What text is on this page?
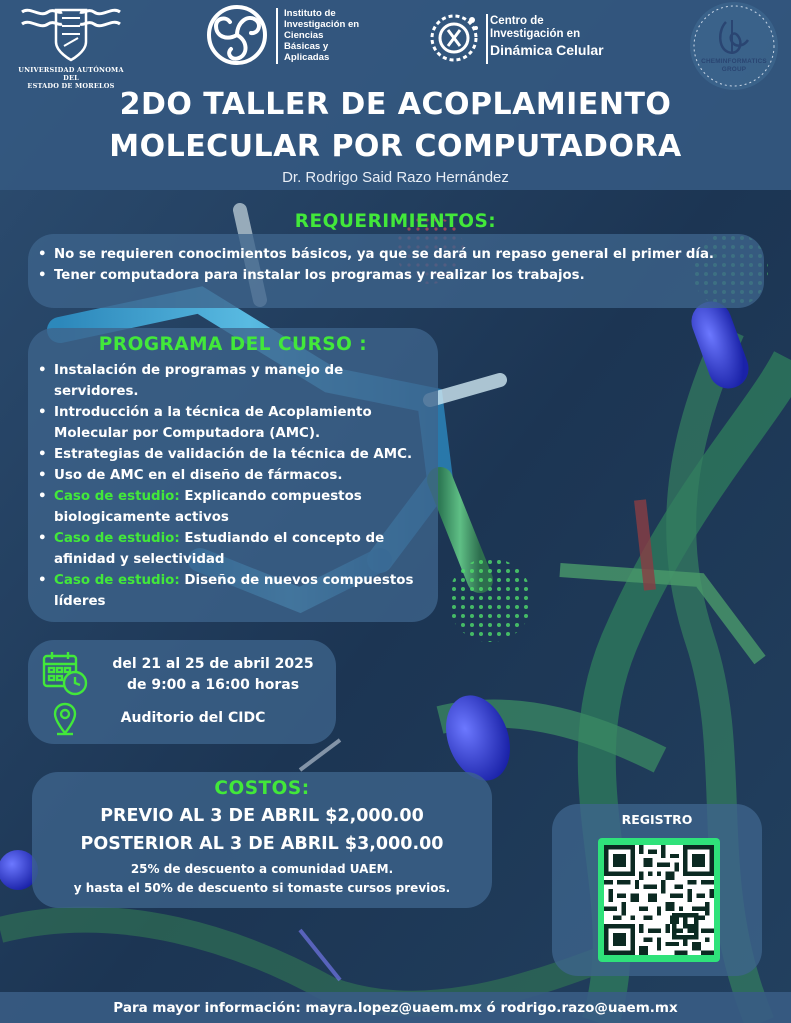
UNIVERSIDAD AUTÓNOMA DEL
ESTADO DE MORELOS
Instituto de
Investigación en
Ciencias
Básicas y
Aplicadas
Centro de
Investigación en
Dinámica Celular
CHEMINFORMATICS
GROUP
2DO TALLER DE ACOPLAMIENTO
MOLECULAR POR COMPUTADORA
Dr. Rodrigo Said Razo Hernández
REQUERIMIENTOS:
• No se requieren conocimientos básicos, ya que se dará un repaso general el primer día.
• Tener computadora para instalar los programas y realizar los trabajos.
PROGRAMA DEL CURSO :
• Instalación de programas y manejo de servidores.
• Introducción a la técnica de Acoplamiento Molecular por Computadora (AMC).
• Estrategias de validación de la técnica de AMC.
• Uso de AMC en el diseño de fármacos.
• Caso de estudio: Explicando compuestos biologicamente activos
• Caso de estudio: Estudiando el concepto de afinidad y selectividad
• Caso de estudio: Diseño de nuevos compuestos líderes
del 21 al 25 de abril 2025
de 9:00 a 16:00 horas
Auditorio del CIDC
COSTOS:
PREVIO AL 3 DE ABRIL $2,000.00
POSTERIOR AL 3 DE ABRIL $3,000.00
25% de descuento a comunidad UAEM.
y hasta el 50% de descuento si tomaste cursos previos.
REGISTRO
Para mayor información: mayra.lopez@uaem.mx ó rodrigo.razo@uaem.mx
